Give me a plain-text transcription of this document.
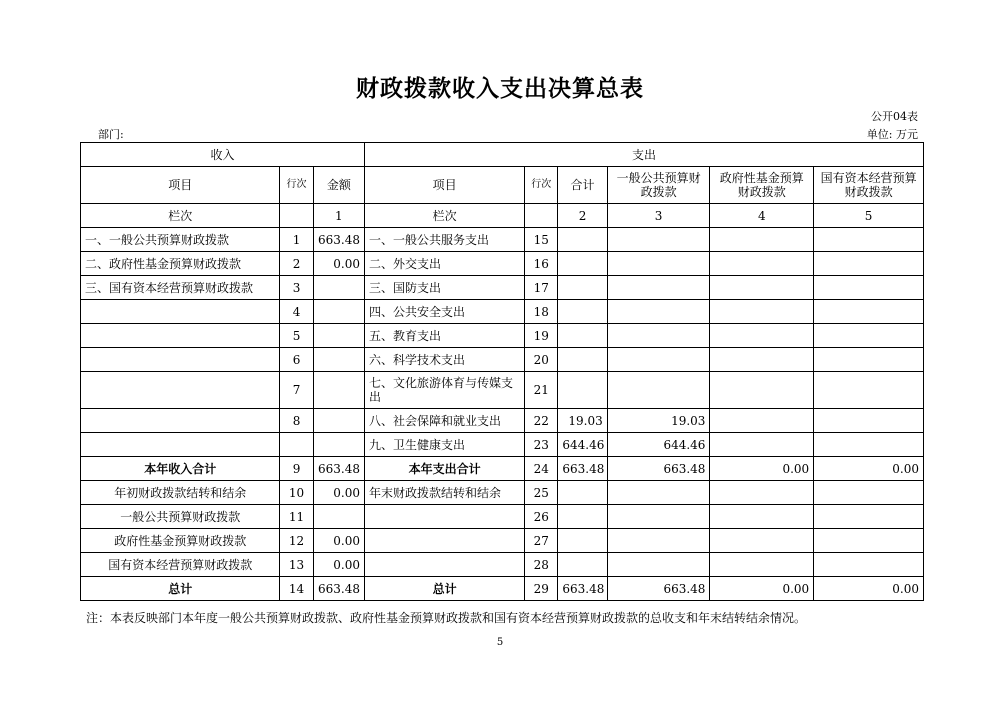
财政拨款收入支出决算总表
公开04表
部门:	单位: 万元
收入			支出					
项目	行次	金额	项目	行次	合计	一般公共预算财政拨款	政府性基金预算财政拨款	国有资本经营预算财政拨款
栏次		1	栏次		2	3	4	5
一、一般公共预算财政拨款	1	663.48	一、一般公共服务支出	15				
二、政府性基金预算财政拨款	2	0.00	二、外交支出	16				
三、国有资本经营预算财政拨款	3		三、国防支出	17				
	4		四、公共安全支出	18				
	5		五、教育支出	19				
	6		六、科学技术支出	20				
	7		七、文化旅游体育与传媒支出	21				
	8		八、社会保障和就业支出	22	19.03	19.03		
			九、卫生健康支出	23	644.46	644.46		
本年收入合计	9	663.48	本年支出合计	24	663.48	663.48	0.00	0.00
年初财政拨款结转和结余	10	0.00	年末财政拨款结转和结余	25				
一般公共预算财政拨款	11			26				
政府性基金预算财政拨款	12	0.00		27				
国有资本经营预算财政拨款	13	0.00		28				
总计	14	663.48	总计	29	663.48	663.48	0.00	0.00
注：本表反映部门本年度一般公共预算财政拨款、政府性基金预算财政拨款和国有资本经营预算财政拨款的总收支和年末结转结余情况。
5
